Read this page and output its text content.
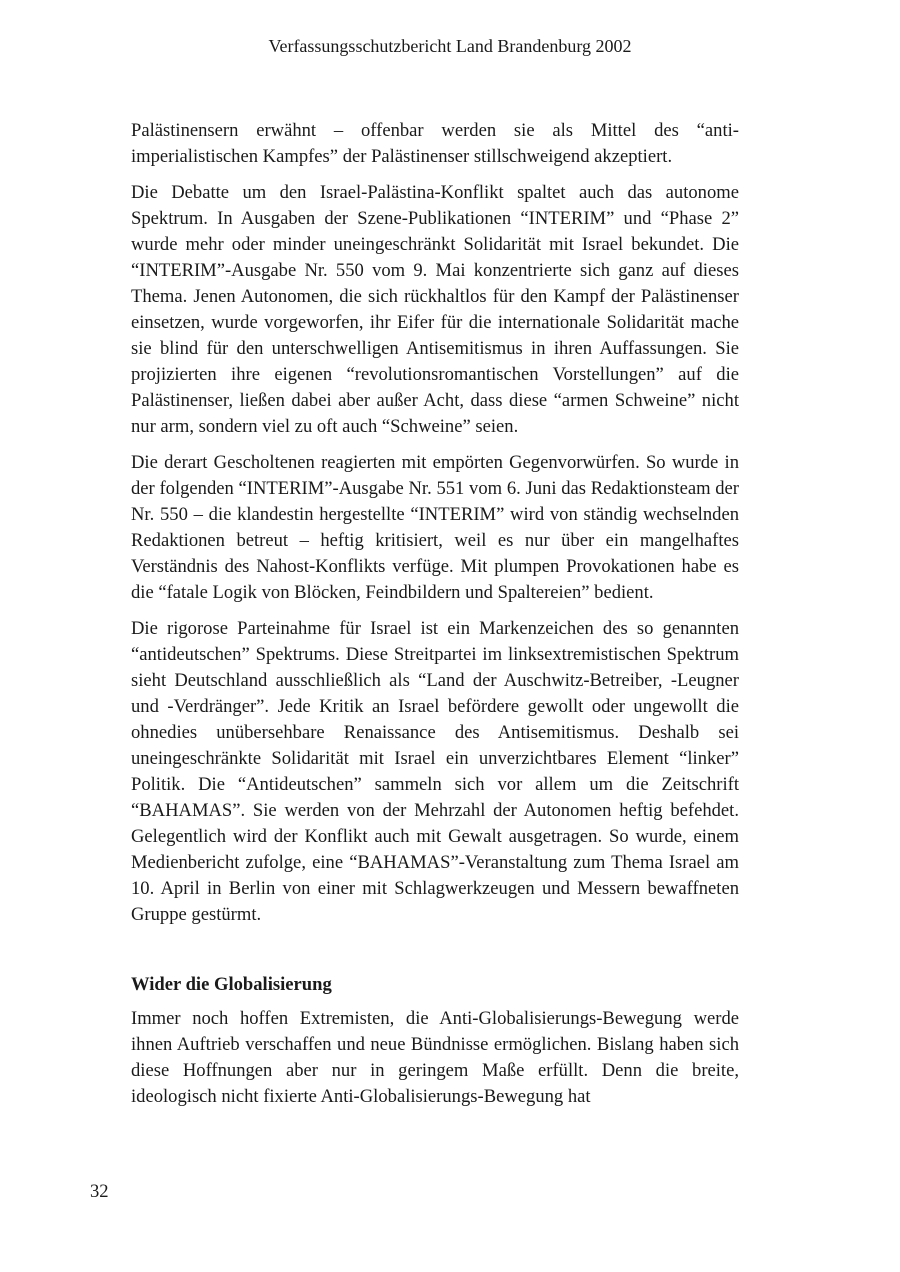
Verfassungsschutzbericht Land Brandenburg 2002

Palästinensern erwähnt – offenbar werden sie als Mittel des “antiimperialistischen Kampfes” der Palästinenser stillschweigend akzeptiert.

Die Debatte um den Israel-Palästina-Konflikt spaltet auch das autonome Spektrum. In Ausgaben der Szene-Publikationen “INTERIM” und “Phase 2” wurde mehr oder minder uneingeschränkt Solidarität mit Israel bekundet. Die “INTERIM”-Ausgabe Nr. 550 vom 9. Mai konzentrierte sich ganz auf dieses Thema. Jenen Autonomen, die sich rückhaltlos für den Kampf der Palästinenser einsetzen, wurde vorgeworfen, ihr Eifer für die internationale Solidarität mache sie blind für den unterschwelligen Antisemitismus in ihren Auffassungen. Sie projizierten ihre eigenen “revolutionsromantischen Vorstellungen” auf die Palästinenser, ließen dabei aber außer Acht, dass diese “armen Schweine” nicht nur arm, sondern viel zu oft auch “Schweine” seien.

Die derart Gescholtenen reagierten mit empörten Gegenvorwürfen. So wurde in der folgenden “INTERIM”-Ausgabe Nr. 551 vom 6. Juni das Redaktionsteam der Nr. 550 – die klandestin hergestellte “INTERIM” wird von ständig wechselnden Redaktionen betreut – heftig kritisiert, weil es nur über ein mangelhaftes Verständnis des Nahost-Konflikts verfüge. Mit plumpen Provokationen habe es die “fatale Logik von Blöcken, Feindbildern und Spaltereien” bedient.

Die rigorose Parteinahme für Israel ist ein Markenzeichen des so genannten “antideutschen” Spektrums. Diese Streitpartei im linksextremistischen Spektrum sieht Deutschland ausschließlich als “Land der Auschwitz-Betreiber, -Leugner und -Verdränger”. Jede Kritik an Israel befördere gewollt oder ungewollt die ohnedies unübersehbare Renaissance des Antisemitismus. Deshalb sei uneingeschränkte Solidarität mit Israel ein unverzichtbares Element “linker” Politik. Die “Antideutschen” sammeln sich vor allem um die Zeitschrift “BAHAMAS”. Sie werden von der Mehrzahl der Autonomen heftig befehdet. Gelegentlich wird der Konflikt auch mit Gewalt ausgetragen. So wurde, einem Medienbericht zufolge, eine “BAHAMAS”-Veranstaltung zum Thema Israel am 10. April in Berlin von einer mit Schlagwerkzeugen und Messern bewaffneten Gruppe gestürmt.

Wider die Globalisierung

Immer noch hoffen Extremisten, die Anti-Globalisierungs-Bewegung werde ihnen Auftrieb verschaffen und neue Bündnisse ermöglichen. Bislang haben sich diese Hoffnungen aber nur in geringem Maße erfüllt. Denn die breite, ideologisch nicht fixierte Anti-Globalisierungs-Bewegung hat

32
